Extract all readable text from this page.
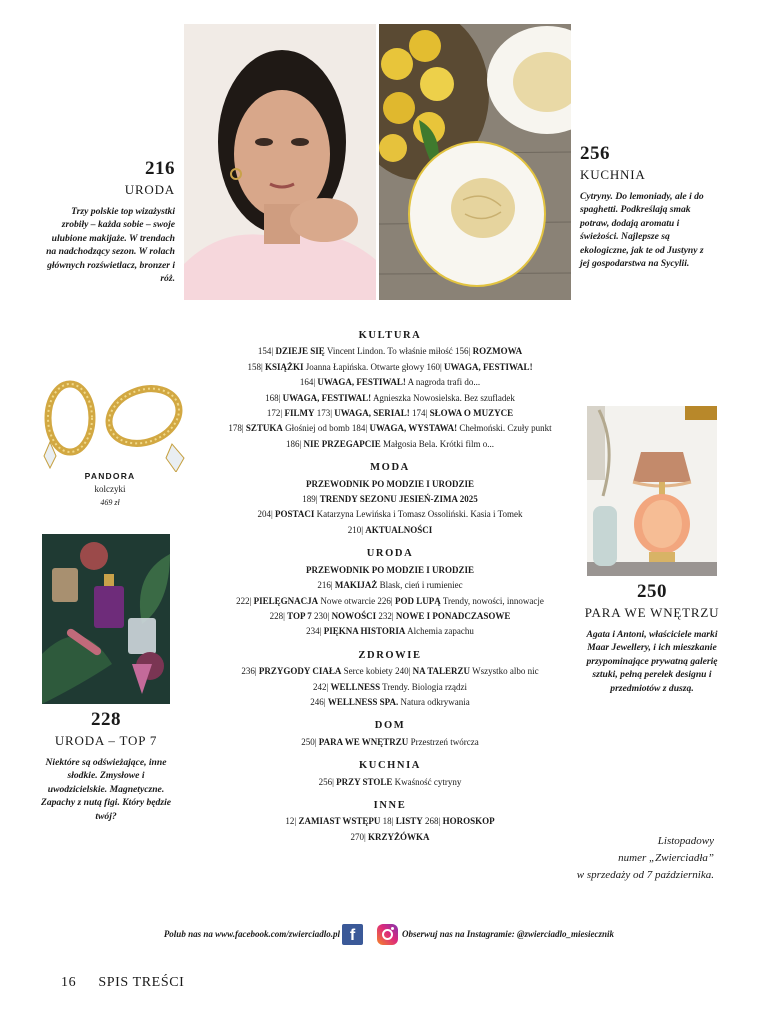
216
URODA
Trzy polskie top wizażystki zrobiły – każda sobie – swoje ulubione makijaże. W trendach na nadchodzący sezon. W rolach głównych rozświetlacz, bronzer i róż.
256
KUCHNIA
Cytryny. Do lemoniady, ale i do spaghetti. Podkreślają smak potraw, dodają aromatu i świeżości. Najlepsze są ekologiczne, jak te od Justyny z jej gospodarstwa na Sycylii.
250
PARA WE WNĘTRZU
Agata i Antoni, właściciele marki Maar Jewellery, i ich mieszkanie przypominające prywatną galerię sztuki, pełną perełek designu i przedmiotów z duszą.
228
URODA – TOP 7
Niektóre są odświeżające, inne słodkie. Zmysłowe i uwodzicielskie. Magnetyczne. Zapachy z nutą figi. Który będzie twój?
PANDORA
kolczyki
469 zł
KULTURA
154| DZIEJE SIĘ Vincent Lindon. To właśnie miłość 156| ROZMOWA
158| KSIĄŻKI Joanna Łapińska. Otwarte głowy 160| UWAGA, FESTIWAL!
164| UWAGA, FESTIWAL! A nagroda trafi do...
168| UWAGA, FESTIWAL! Agnieszka Nowosielska. Bez szufladek
172| FILMY 173| UWAGA, SERIAL! 174| SŁOWA O MUZYCE
178| SZTUKA Głośniej od bomb 184| UWAGA, WYSTAWA! Chełmoński. Czuły punkt
186| NIE PRZEGAPCIE Małgosia Bela. Krótki film o...
MODA
PRZEWODNIK PO MODZIE I URODZIE
189| TRENDY SEZONU JESIEŃ-ZIMA 2025
204| POSTACI Katarzyna Lewińska i Tomasz Ossoliński. Kasia i Tomek
210| AKTUALNOŚCI
URODA
PRZEWODNIK PO MODZIE I URODZIE
216| MAKIJAŻ Blask, cień i rumieniec
222| PIELĘGNACJA Nowe otwarcie 226| POD LUPĄ Trendy, nowości, innowacje
228| TOP 7 230| NOWOŚCI 232| NOWE I PONADCZASOWE
234| PIĘKNA HISTORIA Alchemia zapachu
ZDROWIE
236| PRZYGODY CIAŁA Serce kobiety 240| NA TALERZU Wszystko albo nic
242| WELLNESS Trendy. Biologia rządzi
246| WELLNESS SPA. Natura odkrywania
DOM
250| PARA WE WNĘTRZU Przestrzeń twórcza
KUCHNIA
256| PRZY STOLE Kwaśność cytryny
INNE
12| ZAMIAST WSTĘPU 18| LISTY 268| HOROSKOP
270| KRZYŻÓWKA	Listopadowy
numer „Zwierciadła”
w sprzedaży od 7 października.
Polub nas na www.facebook.com/zwierciadlo.pl f	Obserwuj nas na Instagramie: @zwierciadlo_miesiecznik
16 SPIS TREŚCI
